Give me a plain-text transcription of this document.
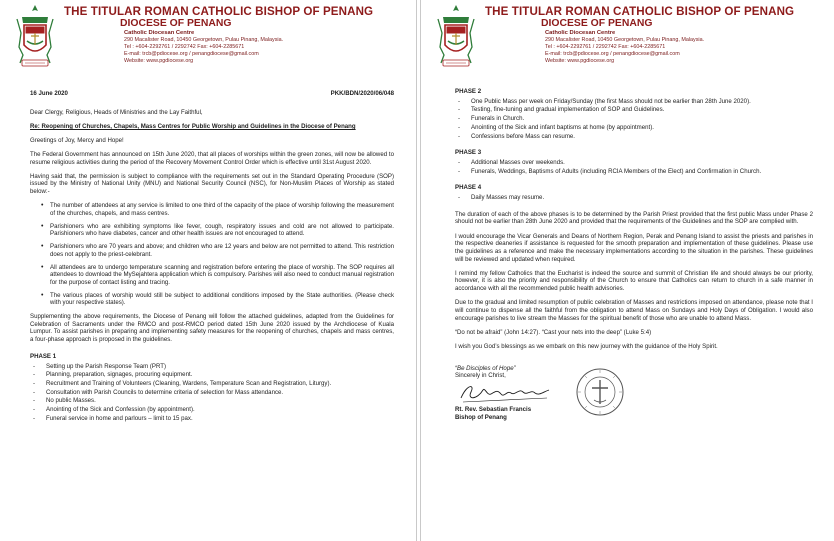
THE TITULAR ROMAN CATHOLIC BISHOP OF PENANG
DIOCESE OF PENANG
Catholic Diocesan Centre
290 Macalister Road, 10450 Georgetown, Pulau Pinang, Malaysia.
Tel : +604-2292761 / 2292742 Fax: +604-2285671
E-mail: trcb@pdiocese.org / penangdiocese@gmail.com
Website: www.pgdiocese.org
16 June 2020	PKK/BDN/2020/06/048

Dear Clergy, Religious, Heads of Ministries and the Lay Faithful,

Re: Reopening of Churches, Chapels, Mass Centres for Public Worship and Guidelines in the Diocese of Penang

Greetings of Joy, Mercy and Hope!

The Federal Government has announced on 15th June 2020, that all places of worships within the green zones, will now be allowed to resume religious activities during the period of the Recovery Movement Control Order which is effective until 31st August 2020.

Having said that, the permission is subject to compliance with the requirements set out in the Standard Operating Procedure (SOP) issued by the Ministry of National Unity (MNU) and National Security Council (NSC), for Non-Muslim Places of Worship as stated below:-

• The number of attendees at any service is limited to one third of the capacity of the place of worship following the measurement of the churches, chapels, and mass centres.
• Parishioners who are exhibiting symptoms like fever, cough, respiratory issues and cold are not allowed to participate. Parishioners who have diabetes, cancer and other health issues are not encouraged to attend.
• Parishioners who are 70 years and above; and children who are 12 years and below are not permitted to attend. This restriction does not apply to the priest-celebrant.
• All attendees are to undergo temperature scanning and registration before entering the place of worship. The SOP requires all attendees to download the MySejahtera application which is compulsory. Parishes will also need to conduct manual registration for the purpose of contact listing and tracing.
• The various places of worship would still be subject to additional conditions imposed by the State authorities. (Please check with your respective states).

Supplementing the above requirements, the Diocese of Penang will follow the attached guidelines, adapted from the Guidelines for Celebration of Sacraments under the RMCO and post-RMCO period dated 15th June 2020 issued by the Archdiocese of Kuala Lumpur. To assist parishes in preparing and implementing safety measures for the reopening of churches, chapels and mass centres, a four-phase approach is proposed in the guidelines.

PHASE 1
- Setting up the Parish Response Team (PRT)
- Planning, preparation, signages, procuring equipment.
- Recruitment and Training of Volunteers (Cleaning, Wardens, Temperature Scan and Registration, Liturgy).
- Consultation with Parish Councils to determine criteria of selection for Mass attendance.
- No public Masses.
- Anointing of the Sick and Confession (by appointment).
- Funeral service in home and parlours – limit to 15 pax.
THE TITULAR ROMAN CATHOLIC BISHOP OF PENANG
DIOCESE OF PENANG
Catholic Diocesan Centre
290 Macalister Road, 10450 Georgetown, Pulau Pinang, Malaysia.
Tel : +604-2292761 / 2292742 Fax: +604-2285671
E-mail: trcb@pdiocese.org / penangdiocese@gmail.com
Website: www.pgdiocese.org
PHASE 2
- One Public Mass per week on Friday/Sunday (the first Mass should not be earlier than 28th June 2020).
- Testing, fine-tuning and gradual implementation of SOP and Guidelines.
- Funerals in Church.
- Anointing of the Sick and infant baptisms at home (by appointment).
- Confessions before Mass can resume.
PHASE 3
- Additional Masses over weekends.
- Funerals, Weddings, Baptisms of Adults (including RCIA Members of the Elect) and Confirmation in Church.
PHASE 4
- Daily Masses may resume.

The duration of each of the above phases is to be determined by the Parish Priest provided that the first public Mass under Phase 2 should not be earlier than 28th June 2020 and provided that the requirements of the Guidelines and the SOP are complied with.

I would encourage the Vicar Generals and Deans of Northern Region, Perak and Penang Island to assist the priests and parishes in the respective deaneries if assistance is requested for the smooth preparation and implementation of these guidelines. Please use the guidelines as a reference and make the necessary implementations according to the situation in the parishes. These guidelines will be reviewed and updated when required.

I remind my fellow Catholics that the Eucharist is indeed the source and summit of Christian life and should always be our priority, however, it is also the priority and responsibility of the Church to ensure that Catholics can return to church in a safe manner in accordance with all the recommended public health advisories.

Due to the gradual and limited resumption of public celebration of Masses and restrictions imposed on attendance, please note that I will continue to dispense all the faithful from the obligation to attend Mass on Sundays and Holy Days of Obligation. I would also encourage parishes to live stream the Masses for the spiritual benefit of those who are unable to attend Mass.

“Do not be afraid” (John 14:27). “Cast your nets into the deep” (Luke 5:4)

I wish you God’s blessings as we embark on this new journey with the guidance of the Holy Spirit.

“Be Disciples of Hope”
Sincerely in Christ,
Rt. Rev. Sebastian Francis
Bishop of Penang
